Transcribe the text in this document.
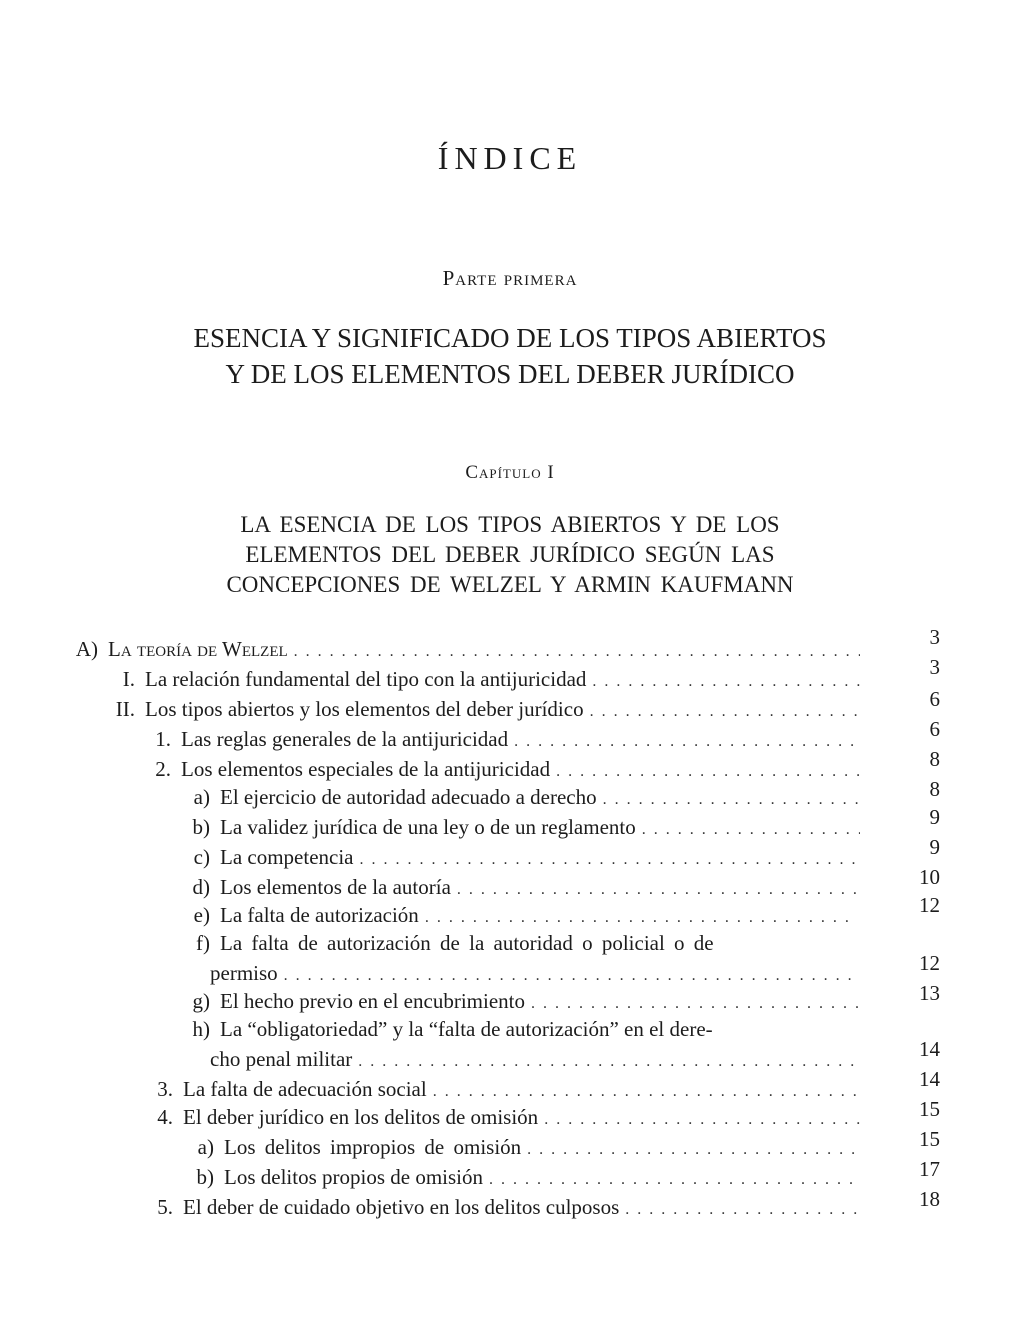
ÍNDICE
Parte primera
ESENCIA Y SIGNIFICADO DE LOS TIPOS ABIERTOS
Y DE LOS ELEMENTOS DEL DEBER JURÍDICO
Capítulo I
LA ESENCIA DE LOS TIPOS ABIERTOS Y DE LOS
ELEMENTOS DEL DEBER JURÍDICO SEGÚN LAS
CONCEPCIONES DE WELZEL Y ARMIN KAUFMANN
A) La teoría de Welzel . . .	3
I. La relación fundamental del tipo con la antijuricidad . . .	3
II. Los tipos abiertos y los elementos del deber jurídico . . .	6
1. Las reglas generales de la antijuricidad . . .	6
2. Los elementos especiales de la antijuricidad . . .	8
a) El ejercicio de autoridad adecuado a derecho . . .	8
b) La validez jurídica de una ley o de un reglamento . . .	9
c) La competencia . . .	9
d) Los elementos de la autoría . . .	10
e) La falta de autorización . . .	12
f) La falta de autorización de la autoridad o policial o de
permiso . . .	12
g) El hecho previo en el encubrimiento . . .	13
h) La “obligatoriedad” y la “falta de autorización” en el dere-
cho penal militar . . .	14
3. La falta de adecuación social . . .	14
4. El deber jurídico en los delitos de omisión . . .	15
a) Los delitos impropios de omisión . . .	15
b) Los delitos propios de omisión . . .	17
5. El deber de cuidado objetivo en los delitos culposos . . .	18
